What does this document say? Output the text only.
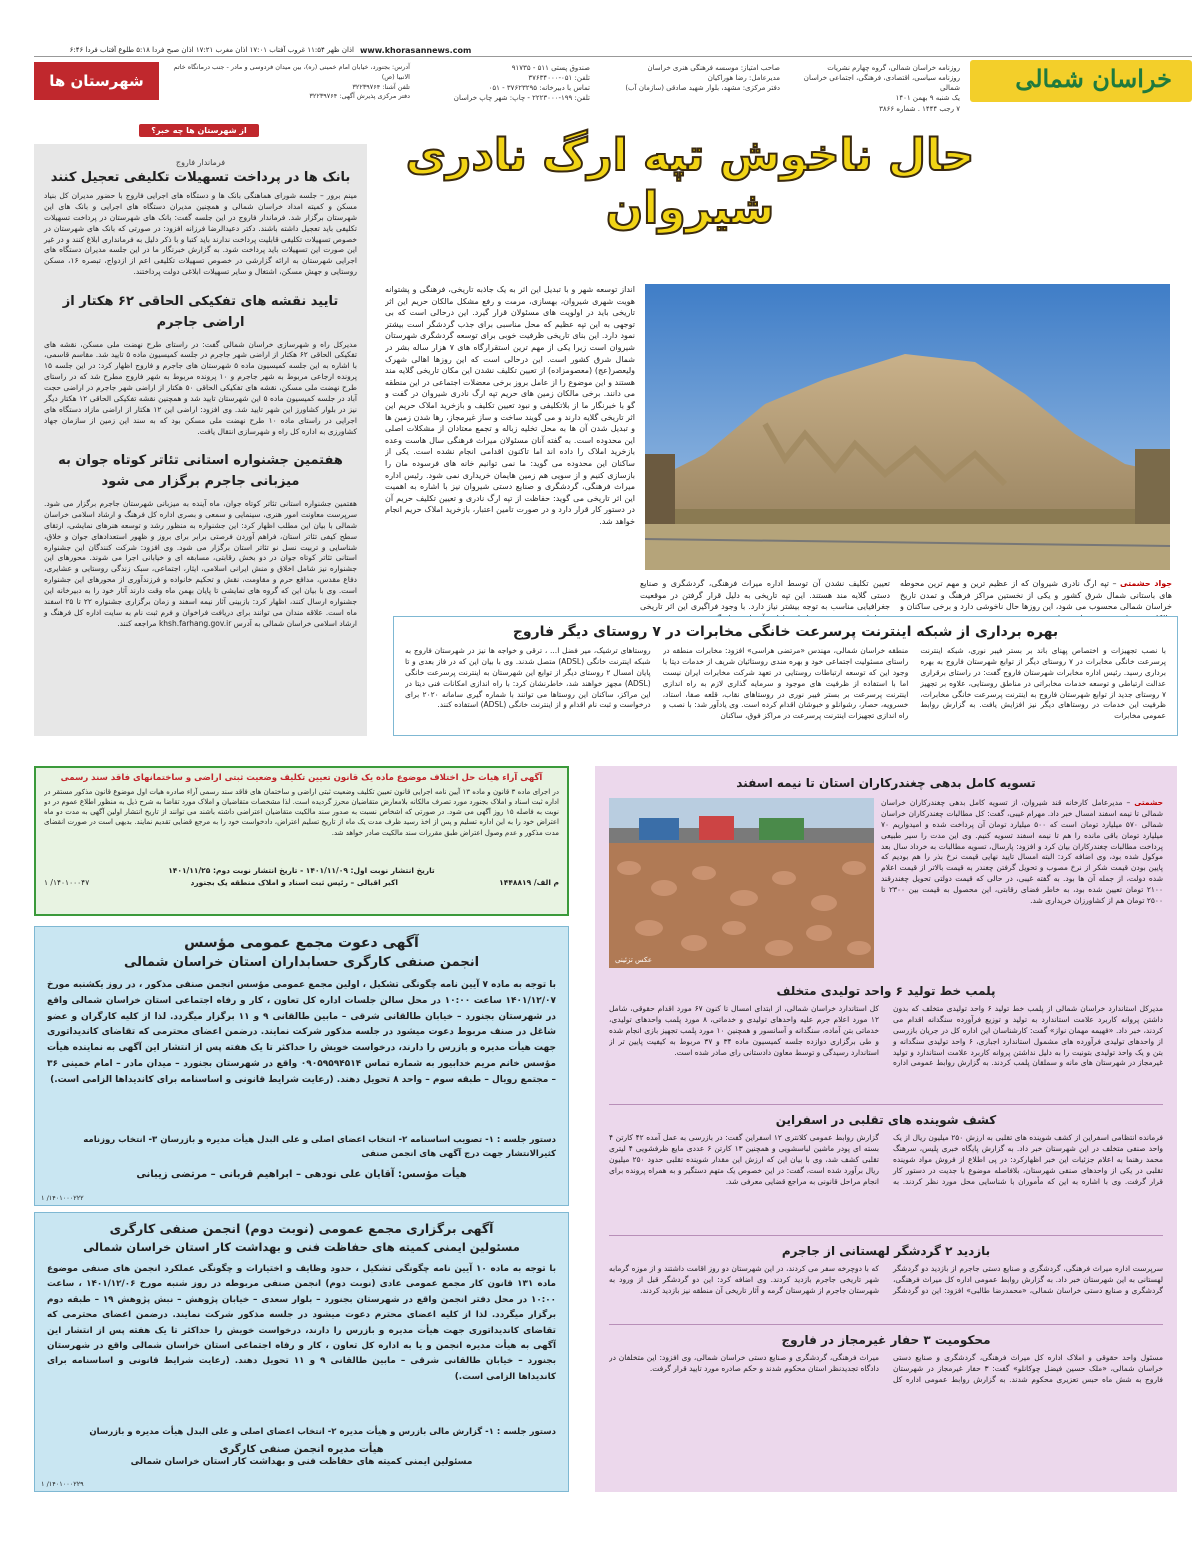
خراسان شمالی
روزنامه خراسان شمالی، گروه چهارم نشریات
روزنامه سیاسی، اقتصادی، فرهنگی، اجتماعی خراسان شمالی
یک شنبه ۹ بهمن ۱۴۰۱
۷ رجب ۱۴۴۴ . شماره ۳۸۶۶
صاحب امتیاز: موسسه فرهنگی هنری خراسان
مدیرعامل: رضا هوراکیان
دفتر مرکزی: مشهد، بلوار شهید صادقی (سازمان آب)
صندوق پستی ۵۱۱ - ۹۱۷۳۵
تلفن: ۰۵۱-۳۷۶۳۴۰۰۰
تماس با دبیرخانه: ۳۷۶۲۳۲۹۵ - ۰۵۱
تلفن: ۱۹۹-۲۲۲۳۰۰۰ - چاپ: شهر چاپ خراسان
آدرس: بجنورد، خیابان امام خمینی (ره)، بین میدان فردوسی و مادر - جنب درمانگاه خاتم الانبیا (ص)
تلفن آشنا: ۳۲۲۳۹۷۶۴
دفتر مرکزی پذیرش آگهی: ۳۲۲۳۹۷۶۴
شهرستان ها
www.khorasannews.com
اذان ظهر ۱۱:۵۴ غروب آفتاب ۱۷:۰۱ اذان مغرب ۱۷:۲۱ اذان صبح فردا ۵:۱۸ طلوع آفتاب فردا ۶:۴۶
از شهرستان ها چه خبر؟
فرماندار فاروج
بانک ها در پرداخت تسهیلات تکلیفی تعجیل کنند
مینم برور – جلسه شورای هماهنگی بانک ها و دستگاه های اجرایی فاروج با حضور مدیران کل بنیاد مسکن و کمیته امداد خراسان شمالی و همچنین مدیران دستگاه های اجرایی و بانک های این شهرستان برگزار شد. فرماندار فاروج در این جلسه گفت: بانک های شهرستان در پرداخت تسهیلات تکلیفی باید تعجیل داشته باشند. دکتر دعیدالرضا فرزانه افزود: در صورتی که بانک های شهرستان در خصوص تسهیلات تکلیفی قابلیت پرداخت ندارند باید کتبا و با ذکر دلیل به فرمانداری ابلاغ کنند و در غیر این صورت این تسهیلات باید پرداخت شود. به گزارش خبرنگار ما در این جلسه مدیران دستگاه های اجرایی شهرستان به ارائه گزارشی در خصوص تسهیلات تکلیفی اعم از ازدواج، تبصره ۱۶، مسکن روستایی و جهش مسکن، اشتغال و سایر تسهیلات ابلاغی دولت پرداختند.
تایید نقشه های تفکیکی الحاقی ۶۲ هکتار از اراضی جاجرم
مدیرکل راه و شهرسازی خراسان شمالی گفت: در راستای طرح نهضت ملی مسکن، نقشه های تفکیکی الحاقی ۶۲ هکتار از اراضی شهر جاجرم در جلسه کمیسیون ماده ۵ تایید شد. مقاسم قاسمی، با اشاره به این جلسه کمیسیون ماده ۵ شهرستان های جاجرم و فاروج اظهار کرد: در این جلسه ۱۵ پرونده ارجاعی مربوط به شهر جاجرم و ۱۰ پرونده مربوط به شهر فاروج مطرح شد که در راستای طرح نهضت ملی مسکن، نقشه های تفکیکی الحاقی ۵۰ هکتار از اراضی شهر جاجرم در اراضی حجت آباد در جلسه کمیسیون ماده ۵ این شهرستان تایید شد و همچنین نقشه تفکیکی الحاقی ۱۲ هکتار دیگر نیز در بلوار کشاورز این شهر تایید شد. وی افزود: اراضی این ۱۲ هکتار از اراضی مازاد دستگاه های اجرایی در راستای ماده ۱۰ طرح نهضت ملی مسکن بود که به سند این زمین از سازمان جهاد کشاورزی به اداره کل راه و شهرسازی انتقال یافت.
هفتمین جشنواره استانی تئاتر کوتاه جوان به میزبانی جاجرم برگزار می شود
هفتمین جشنواره استانی تئاتر کوتاه جوان، ماه آینده به میزبانی شهرستان جاجرم برگزار می شود. سرپرست معاونت امور هنری، سینمایی و سمعی و بصری اداره کل فرهنگ و ارشاد اسلامی خراسان شمالی با بیان این مطلب اظهار کرد: این جشنواره به منظور رشد و توسعه هنرهای نمایشی، ارتقای سطح کیفی تئاتر استان، فراهم آوردن فرصتی برابر برای بروز و ظهور استعدادهای جوان و خلاق، شناسایی و تربیت نسل نو تئاتر استان برگزار می شود. وی افزود: شرکت کنندگان این جشنواره استانی تئاتر کوتاه جوان در دو بخش رقابتی، مسابقه ای و خیابانی اجرا می شوند. محورهای این جشنواره نیز شامل اخلاق و منش ایرانی اسلامی، ایثار، اجتماعی، سبک زندگی روستایی و عشایری، دفاع مقدس، مدافع حرم و مقاومت، نقش و تحکیم خانواده و فرزندآوری از محورهای این جشنواره است. وی با بیان این که گروه های نمایشی تا پایان بهمن ماه وقت دارند آثار خود را به دبیرخانه این جشنواره ارسال کنند، اظهار کرد: بازبینی آثار نیمه اسفند و زمان برگزاری جشنواره ۲۲ تا ۲۵ اسفند ماه است. علاقه مندان می توانند برای دریافت فراخوان و فرم ثبت نام به سایت اداره کل فرهنگ و ارشاد اسلامی خراسان شمالی به آدرس khsh.farhang.gov.ir مراجعه کنند.
حال ناخوش تپه ارگ نادری
شیروان
انداز توسعه شهر و با تبدیل این اثر به یک جاذبه تاریخی، فرهنگی و پشتوانه هویت شهری شیروان، بهسازی، مرمت و رفع مشکل مالکان حریم این اثر تاریخی باید در اولویت های مسئولان قرار گیرد. این درحالی است که بی توجهی به این تپه عظیم که محل مناسبی برای جذب گردشگر است بیشتر نمود دارد. این بنای تاریخی ظرفیت خوبی برای توسعه گردشگری شهرستان شیروان است زیرا یکی از مهم ترین استقرارگاه های ۷ هزار ساله بشر در شمال شرق کشور است. این درحالی است که این روزها اهالی شهرک ولیعصر(عج) (معصومزاده) از تعیین تکلیف نشدن این مکان تاریخی گلایه مند هستند و این موضوع را از عامل بروز برخی معضلات اجتماعی در این منطقه می دانند. برخی مالکان زمین های حریم تپه ارگ نادری شیروان در گفت و گو با خبرنگار ما از بلاتکلیفی و نبود تعیین تکلیف و بازخرید املاک حریم این اثر تاریخی گلایه دارند و می گویند ساخت و ساز غیرمجاز، رها شدن زمین ها و تبدیل شدن آن ها به محل تخلیه زباله و تجمع معتادان از مشکلات اصلی این محدوده است. به گفته آنان مسئولان میراث فرهنگی سال هاست وعده بازخرید املاک را داده اند اما تاکنون اقدامی انجام نشده است. یکی از ساکنان این محدوده می گوید: ما نمی توانیم خانه های فرسوده مان را بازسازی کنیم و از سویی هم زمین هایمان خریداری نمی شود. رئیس اداره میراث فرهنگی، گردشگری و صنایع دستی شیروان نیز با اشاره به اهمیت این اثر تاریخی می گوید: حفاظت از تپه ارگ نادری و تعیین تکلیف حریم آن در دستور کار قرار دارد و در صورت تامین اعتبار، بازخرید املاک حریم انجام خواهد شد.
جواد حشمتی – تپه ارگ نادری شیروان که از عظیم ترین و مهم ترین محوطه های باستانی شمال شرق کشور و یکی از نخستین مراکز فرهنگ و تمدن تاریخ خراسان شمالی محسوب می شود، این روزها حال ناخوشی دارد و برخی ساکنان و
تعیین تکلیف نشدن آن توسط اداره میراث فرهنگی، گردشگری و صنایع دستی گلایه مند هستند. این تپه تاریخی به دلیل قرار گرفتن در موقعیت جغرافیایی مناسب به توجه بیشتر نیاز دارد. با وجود فراگیری این اثر تاریخی
بهره برداری از شبکه اینترنت پرسرعت خانگی مخابرات در ۷ روستای دیگر فاروج
با نصب تجهیزات و اختصاص پهنای باند بر بستر فیبر نوری، شبکه اینترنت پرسرعت خانگی مخابرات در ۷ روستای دیگر از توابع شهرستان فاروج به بهره برداری رسید. رئیس اداره مخابرات شهرستان فاروج گفت: در راستای برقراری عدالت ارتباطی و توسعه خدمات مخابراتی در مناطق روستایی، علاوه بر تجهیز ۷ روستای جدید از توابع شهرستان فاروج به اینترنت پرسرعت خانگی مخابرات، ظرفیت این خدمات در روستاهای دیگر نیز افزایش یافت. به گزارش روابط عمومی مخابرات
منطقه خراسان شمالی، مهندس «مرتضی هراسی» افزود: مخابرات منطقه در راستای مسئولیت اجتماعی خود و بهره مندی روستائیان شریف از خدمات دیتا با وجود این که توسعه ارتباطات روستایی در تعهد شرکت مخابرات ایران نیست اما با استفاده از ظرفیت های موجود و سرمایه گذاری لازم به راه اندازی اینترنت پرسرعت بر بستر فیبر نوری در روستاهای نقاب، قلعه صفا، استاد، خسرویه، حصار، رشوانلو و خبوشان اقدام کرده است. وی یادآور شد: با نصب و راه اندازی تجهیزات اینترنت پرسرعت در مراکز فوق، ساکنان
روستاهای ترشیک، میر فضل ا... ، ترقی و خواجه ها نیز در شهرستان فاروج به شبکه اینترنت خانگی (ADSL) متصل شدند. وی با بیان این که در فاز بعدی و تا پایان امسال ۲ روستای دیگر از توابع این شهرستان به اینترنت پرسرعت خانگی (ADSL) مجهز خواهند شد، خاطرنشان کرد: با راه اندازی امکانات فنی دیتا در این مراکز، ساکنان این روستاها می توانند با شماره گیری سامانه ۲۰۲۰ برای درخواست و ثبت نام اقدام و از اینترنت خانگی (ADSL) استفاده کنند.
آگهی آراء هیات حل اختلاف موضوع ماده یک قانون تعیین تکلیف وضعیت ثبتی اراضی و ساختمانهای فاقد سند رسمی
در اجرای ماده ۳ قانون و ماده ۱۳ آیین نامه اجرایی قانون تعیین تکلیف وضعیت ثبتی اراضی و ساختمان های فاقد سند رسمی آراء صادره هیات اول موضوع قانون مذکور مستقر در اداره ثبت اسناد و املاک بجنورد مورد تصرف مالکانه بلامعارض متقاضیان محرز گردیده است. لذا مشخصات متقاضیان و املاک مورد تقاضا به شرح ذیل به منظور اطلاع عموم در دو نوبت به فاصله ۱۵ روز آگهی می شود. در صورتی که اشخاص نسبت به صدور سند مالکیت متقاضیان اعتراضی داشته باشند می توانند از تاریخ انتشار اولین آگهی به مدت دو ماه اعتراض خود را به این اداره تسلیم و پس از اخذ رسید ظرف مدت یک ماه از تاریخ تسلیم اعتراض، دادخواست خود را به مرجع قضایی تقدیم نمایند. بدیهی است در صورت انقضای مدت مذکور و عدم وصول اعتراض طبق مقررات سند مالکیت صادر خواهد شد.
تاریخ انتشار نوبت اول: ۱۴۰۱/۱۱/۰۹ - تاریخ انتشار نوبت دوم: ۱۴۰۱/۱۱/۲۵
م الف/ ۱۴۴۸۸۱۹
اکبر اقبالی – رئیس ثبت اسناد و املاک منطقه یک بجنورد
۱۴۰۱۰۰۰۴۷/ ۱
آگهی دعوت مجمع عمومی مؤسس
انجمن صنفی کارگری حسابداران استان خراسان شمالی
با توجه به ماده ۷ آیین نامه چگونگی تشکیل ، اولین مجمع عمومی مؤسس انجمن صنفی مذکور ، در روز یکشنبه مورخ ۱۴۰۱/۱۲/۰۷ ساعت ۱۰:۰۰ در محل سالن جلسات اداره کل تعاون ، کار و رفاه اجتماعی استان خراسان شمالی واقع در شهرستان بجنورد – خیابان طالقانی شرقی – مابین طالقانی ۹ و ۱۱ برگزار میگردد. لذا از کلیه کارگران و عضو شاغل در صنف مربوط دعوت میشود در جلسه مذکور شرکت نمایند. درضمن اعضای محترمی که تقاضای کاندیداتوری جهت هیأت مدیره و بازرس را دارند، درخواست خویش را حداکثر تا یک هفته پس از انتشار این آگهی به نماینده هیأت مؤسس خانم مریم خدابیور به شماره تماس ۰۹۰۵۹۵۹۴۵۱۴ واقع در شهرستان بجنورد – میدان مادر – امام خمینی ۳۶ – مجتمع رویال – طبقه سوم – واحد ۸ تحویل دهند. (رعایت شرایط قانونی و اساسنامه برای کاندیداها الزامی است.)
دستور جلسه : ۱- تصویب اساسنامه ۲- انتخاب اعضای اصلی و علی البدل هیأت مدیره و بازرسان ۳- انتخاب روزنامه کثیرالانتشار جهت درج آگهی های انجمن صنفی
هیأت مؤسس: آقایان علی نودهی – ابراهیم قربانی – مرتضی زیبانی
۱۴۰۱۰۰۰۲۲۲/ ۱
آگهی برگزاری مجمع عمومی (نوبت دوم) انجمن صنفی کارگری
مسئولین ایمنی کمیته های حفاظت فنی و بهداشت کار استان خراسان شمالی
با توجه به ماده ۱۰ آیین نامه چگونگی تشکیل ، حدود وظایف و اختیارات و چگونگی عملکرد انجمن های صنفی موضوع ماده ۱۳۱ قانون کار مجمع عمومی عادی (نوبت دوم) انجمن صنفی مربوطه در روز شنبه مورخ ۱۴۰۱/۱۲/۰۶ ، ساعت ۱۰:۰۰ در محل دفتر انجمن واقع در شهرستان بجنورد – بلوار سعدی – خیابان پژوهش – نبش پژوهش ۱۹ – طبقه دوم برگزار میگردد. لذا از کلیه اعضای محترم دعوت میشود در جلسه مذکور شرکت نمایند. درضمن اعضای محترمی که تقاضای کاندیداتوری جهت هیأت مدیره و بازرس را دارند، درخواست خویش را حداکثر تا یک هفته پس از انتشار این آگهی به هیأت مدیره انجمن و یا به اداره کل تعاون ، کار و رفاه اجتماعی استان خراسان شمالی واقع در شهرستان بجنورد – خیابان طالقانی شرقی – مابین طالقانی ۹ و ۱۱ تحویل دهند. (رعایت شرایط قانونی و اساسنامه برای کاندیداها الزامی است.)
دستور جلسه : ۱- گزارش مالی بازرس و هیأت مدیره ۲- انتخاب اعضای اصلی و علی البدل هیأت مدیره و بازرسان
هیأت مدیره انجمن صنفی کارگری
مسئولین ایمنی کمیته های حفاظت فنی و بهداشت کار استان خراسان شمالی
۱۴۰۱۰۰۰۲۲۹/ ۱
تسویه کامل بدهی چغندرکاران استان تا نیمه اسفند
عکس تزئینی
حشمتی – مدیرعامل کارخانه قند شیروان، از تسویه کامل بدهی چغندرکاران خراسان شمالی تا نیمه اسفند امسال خبر داد. مهرام غیبی، گفت: کل مطالبات چغندرکاران خراسان شمالی ۵۷۰ میلیارد تومان است که ۵۰۰ میلیارد تومان آن پرداخت شده و امیدواریم ۷۰ میلیارد تومان باقی مانده را هم تا نیمه اسفند تسویه کنیم. وی این مدت را سیر طبیعی پرداخت مطالبات چغندرکاران بیان کرد و افزود: پارسال، تسویه مطالبات به خرداد سال بعد موکول شده بود، وی اضافه کرد: البته امسال تایید نهایی قیمت نرخ بذر را هم بودیم که پایین بودن قیمت شکر از نرخ مصوب و تحویل گرفتن چغندر به قیمت بالاتر از قیمت اعلام شده دولت، از جمله آن ها بود. به گفته غیبی، در حالی که قیمت دولتی تحویل چغندرقند ۲۱۰۰ تومان تعیین شده بود، به خاطر فضای رقابتی، این محصول به قیمت بین ۲۳۰۰ تا ۲۵۰۰ تومان هم از کشاورزان خریداری شد.
پلمب خط تولید ۶ واحد تولیدی متخلف
مدیرکل استاندارد خراسان شمالی از پلمب خط تولید ۶ واحد تولیدی متخلف که بدون داشتن پروانه کاربرد علامت استاندارد به تولید و توزیع فرآورده سنگدانه اقدام می کردند، خبر داد. «فهیمه مهمان نواز» گفت: کارشناسان این اداره کل در جریان بازرسی از واحدهای تولیدی فرآورده های مشمول استاندارد اجباری، ۶ واحد تولیدی سنگدانه و بتن و یک واحد تولیدی بتونیت را به دلیل نداشتن پروانه کاربرد علامت استاندارد و تولید غیرمجاز در شهرستان های مانه و سملقان پلمب کردند. به گزارش روابط عمومی اداره کل استاندارد خراسان شمالی، از ابتدای امسال تا کنون ۶۷ مورد اقدام حقوقی، شامل ۱۲ مورد اعلام جرم علیه واحدهای تولیدی و خدماتی، ۸ مورد پلمب واحدهای تولیدی، خدماتی بتن آماده، سنگدانه و آسانسور و همچنین ۱۰ مورد پلمب تجهیز بازی انجام شده و طی برگزاری دوازده جلسه کمیسیون ماده ۳۴ و ۳۷ مربوط به کیفیت پایین تر از استاندارد رسیدگی و توسط معاون دادستانی رای صادر شده است.
کشف شوینده های تقلبی در اسفراین
فرمانده انتظامی اسفراین از کشف شوینده های تقلبی به ارزش ۲۵۰ میلیون ریال از یک واحد صنفی متخلف در این شهرستان خبر داد. به گزارش پایگاه خبری پلیس، سرهنگ محمد رهنما به اعلام جزئیات این خبر اظهارکرد: در پی اطلاع از فروش مواد شوینده تقلبی در یکی از واحدهای صنفی شهرستان، بلافاصله موضوع با جدیت در دستور کار قرار گرفت. وی با اشاره به این که مأموران با شناسایی محل مورد نظر کردند. به گزارش روابط عمومی کلانتری ۱۲ اسفراین گفت: در بازرسی به عمل آمده ۴۲ کارتن ۴ بسته ای پودر ماشین لباسشویی و همچنین ۱۳ کارتن ۶ عددی مایع ظرفشویی ۴ لیتری تقلبی کشف شد، وی با بیان این که ارزش این مقدار شوینده تقلبی حدود ۲۵۰ میلیون ریال برآورد شده است، گفت: در این خصوص یک متهم دستگیر و به همراه پرونده برای انجام مراحل قانونی به مراجع قضایی معرفی شد.
بازدید ۲ گردشگر لهستانی از جاجرم
سرپرست اداره میراث فرهنگی، گردشگری و صنایع دستی جاجرم از بازدید دو گردشگر لهستانی به این شهرستان خبر داد. به گزارش روابط عمومی اداره کل میراث فرهنگی، گردشگری و صنایع دستی خراسان شمالی، «محمدرضا طالبی» افزود: این دو گردشگر که با دوچرخه سفر می کردند، در این شهرستان دو روز اقامت داشتند و از موزه گرمابه شهر تاریخی جاجرم بازدید کردند. وی اضافه کرد: این دو گردشگر قبل از ورود به شهرستان جاجرم از شهرستان گرمه و آثار تاریخی آن منطقه نیز بازدید کردند.
محکومیت ۳ حفار غیرمجاز در فاروج
مسئول واحد حقوقی و املاک اداره کل میراث فرهنگی، گردشگری و صنایع دستی خراسان شمالی، «ملک حسین فیضل چوکانلو» گفت: ۳ حفار غیرمجاز در شهرستان فاروج به شش ماه حبس تعزیری محکوم شدند. به گزارش روابط عمومی اداره کل میراث فرهنگی، گردشگری و صنایع دستی خراسان شمالی، وی افزود: این متخلفان در دادگاه تجدیدنظر استان محکوم شدند و حکم صادره مورد تایید قرار گرفت.
